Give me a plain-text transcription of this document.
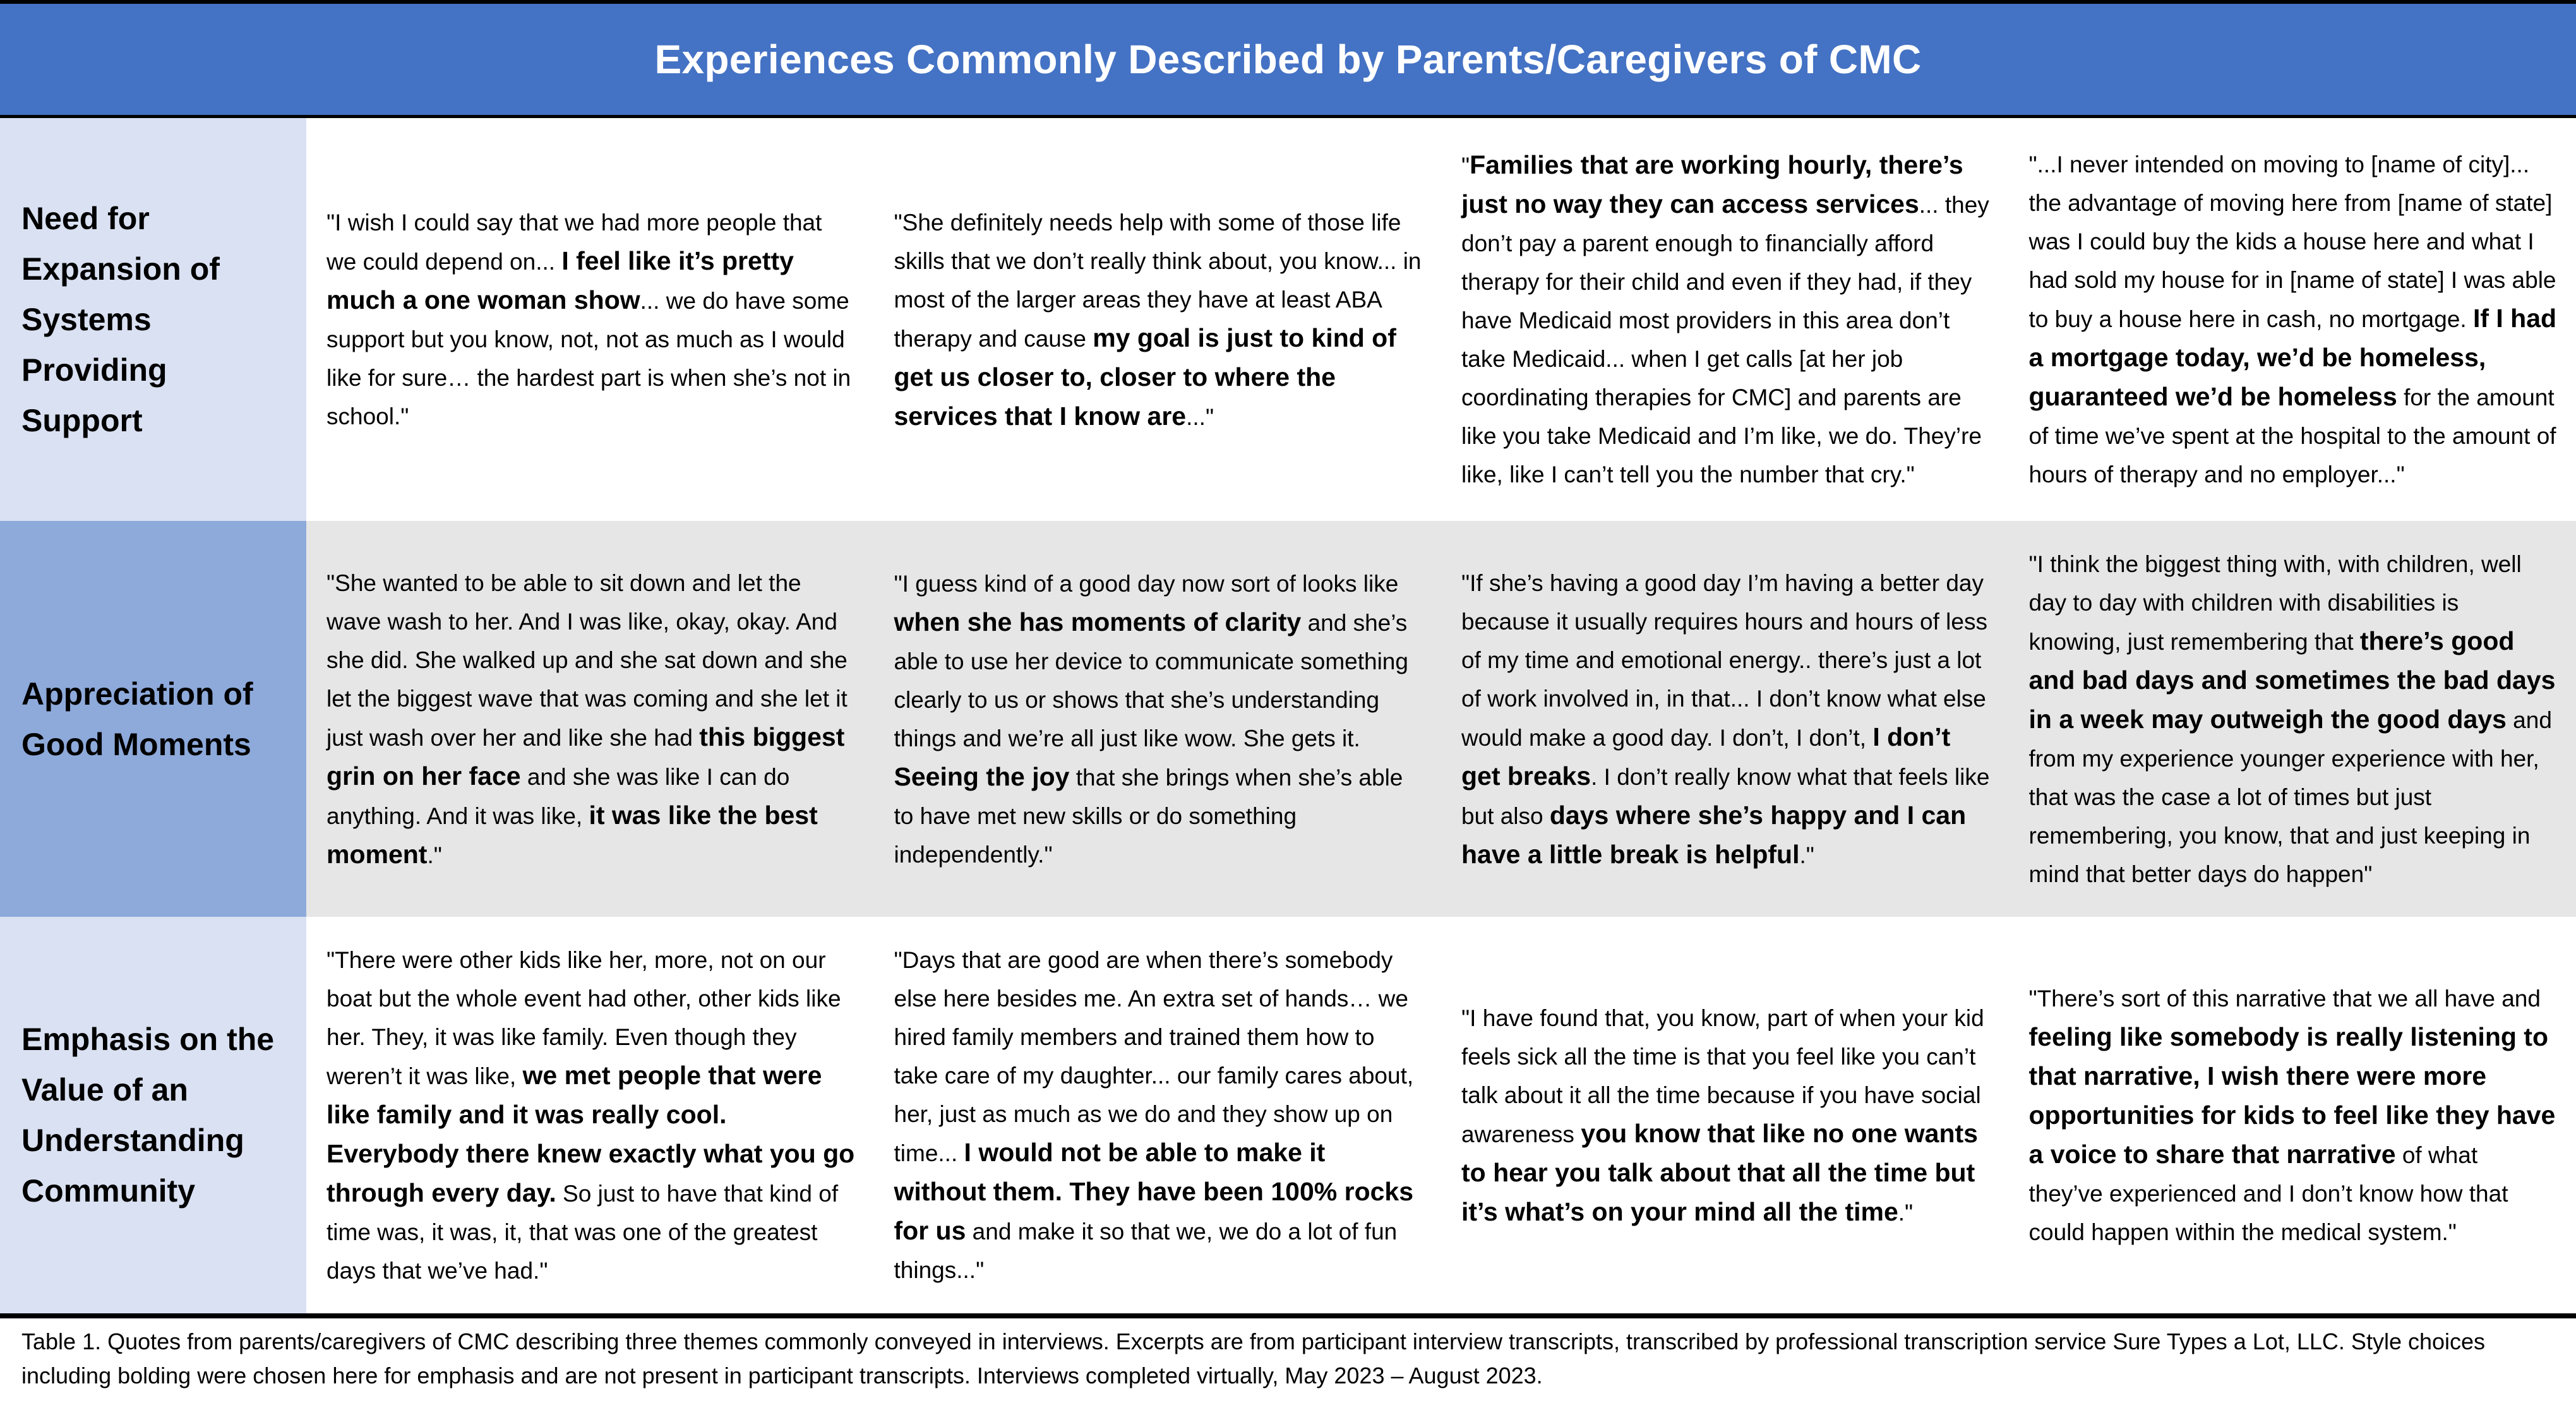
Experiences Commonly Described by Parents/Caregivers of CMC
Need for Expansion of Systems Providing Support
"I wish I could say that we had more people that we could depend on... I feel like it’s pretty much a one woman show... we do have some support but you know, not, not as much as I would like for sure… the hardest part is when she’s not in school."
"She definitely needs help with some of those life skills that we don’t really think about, you know... in most of the larger areas they have at least ABA therapy and cause my goal is just to kind of get us closer to, closer to where the services that I know are..."
"Families that are working hourly, there’s just no way they can access services... they don’t pay a parent enough to financially afford therapy for their child and even if they had, if they have Medicaid most providers in this area don’t take Medicaid... when I get calls [at her job coordinating therapies for CMC] and parents are like you take Medicaid and I’m like, we do. They’re like, like I can’t tell you the number that cry."
"...I never intended on moving to [name of city]... the advantage of moving here from [name of state] was I could buy the kids a house here and what I had sold my house for in [name of state] I was able to buy a house here in cash, no mortgage. If I had a mortgage today, we’d be homeless, guaranteed we’d be homeless for the amount of time we’ve spent at the hospital to the amount of hours of therapy and no employer..."
Appreciation of Good Moments
"She wanted to be able to sit down and let the wave wash to her. And I was like, okay, okay. And she did. She walked up and she sat down and she let the biggest wave that was coming and she let it just wash over her and like she had this biggest grin on her face and she was like I can do anything. And it was like, it was like the best moment."
"I guess kind of a good day now sort of looks like when she has moments of clarity and she’s able to use her device to communicate something clearly to us or shows that she’s understanding things and we’re all just like wow. She gets it. Seeing the joy that she brings when she’s able to have met new skills or do something independently."
"If she’s having a good day I’m having a better day because it usually requires hours and hours of less of my time and emotional energy.. there’s just a lot of work involved in, in that... I don’t know what else would make a good day. I don’t, I don’t, I don’t get breaks. I don’t really know what that feels like but also days where she’s happy and I can have a little break is helpful."
"I think the biggest thing with, with children, well day to day with children with disabilities is knowing, just remembering that there’s good and bad days and sometimes the bad days in a week may outweigh the good days and from my experience younger experience with her, that was the case a lot of times but just remembering, you know, that and just keeping in mind that better days do happen"
Emphasis on the Value of an Understanding Community
"There were other kids like her, more, not on our boat but the whole event had other, other kids like her. They, it was like family. Even though they weren’t it was like, we met people that were like family and it was really cool. Everybody there knew exactly what you go through every day. So just to have that kind of time was, it was, it, that was one of the greatest days that we’ve had."
"Days that are good are when there’s somebody else here besides me. An extra set of hands… we hired family members and trained them how to take care of my daughter... our family cares about, her, just as much as we do and they show up on time... I would not be able to make it without them. They have been 100% rocks for us and make it so that we, we do a lot of fun things..."
"I have found that, you know, part of when your kid feels sick all the time is that you feel like you can’t talk about it all the time because if you have social awareness you know that like no one wants to hear you talk about that all the time but it’s what’s on your mind all the time."
"There’s sort of this narrative that we all have and feeling like somebody is really listening to that narrative, I wish there were more opportunities for kids to feel like they have a voice to share that narrative of what they’ve experienced and I don’t know how that could happen within the medical system."
Table 1. Quotes from parents/caregivers of CMC describing three themes commonly conveyed in interviews. Excerpts are from participant interview transcripts, transcribed by professional transcription service Sure Types a Lot, LLC. Style choices including bolding were chosen here for emphasis and are not present in participant transcripts. Interviews completed virtually, May 2023 – August 2023.
